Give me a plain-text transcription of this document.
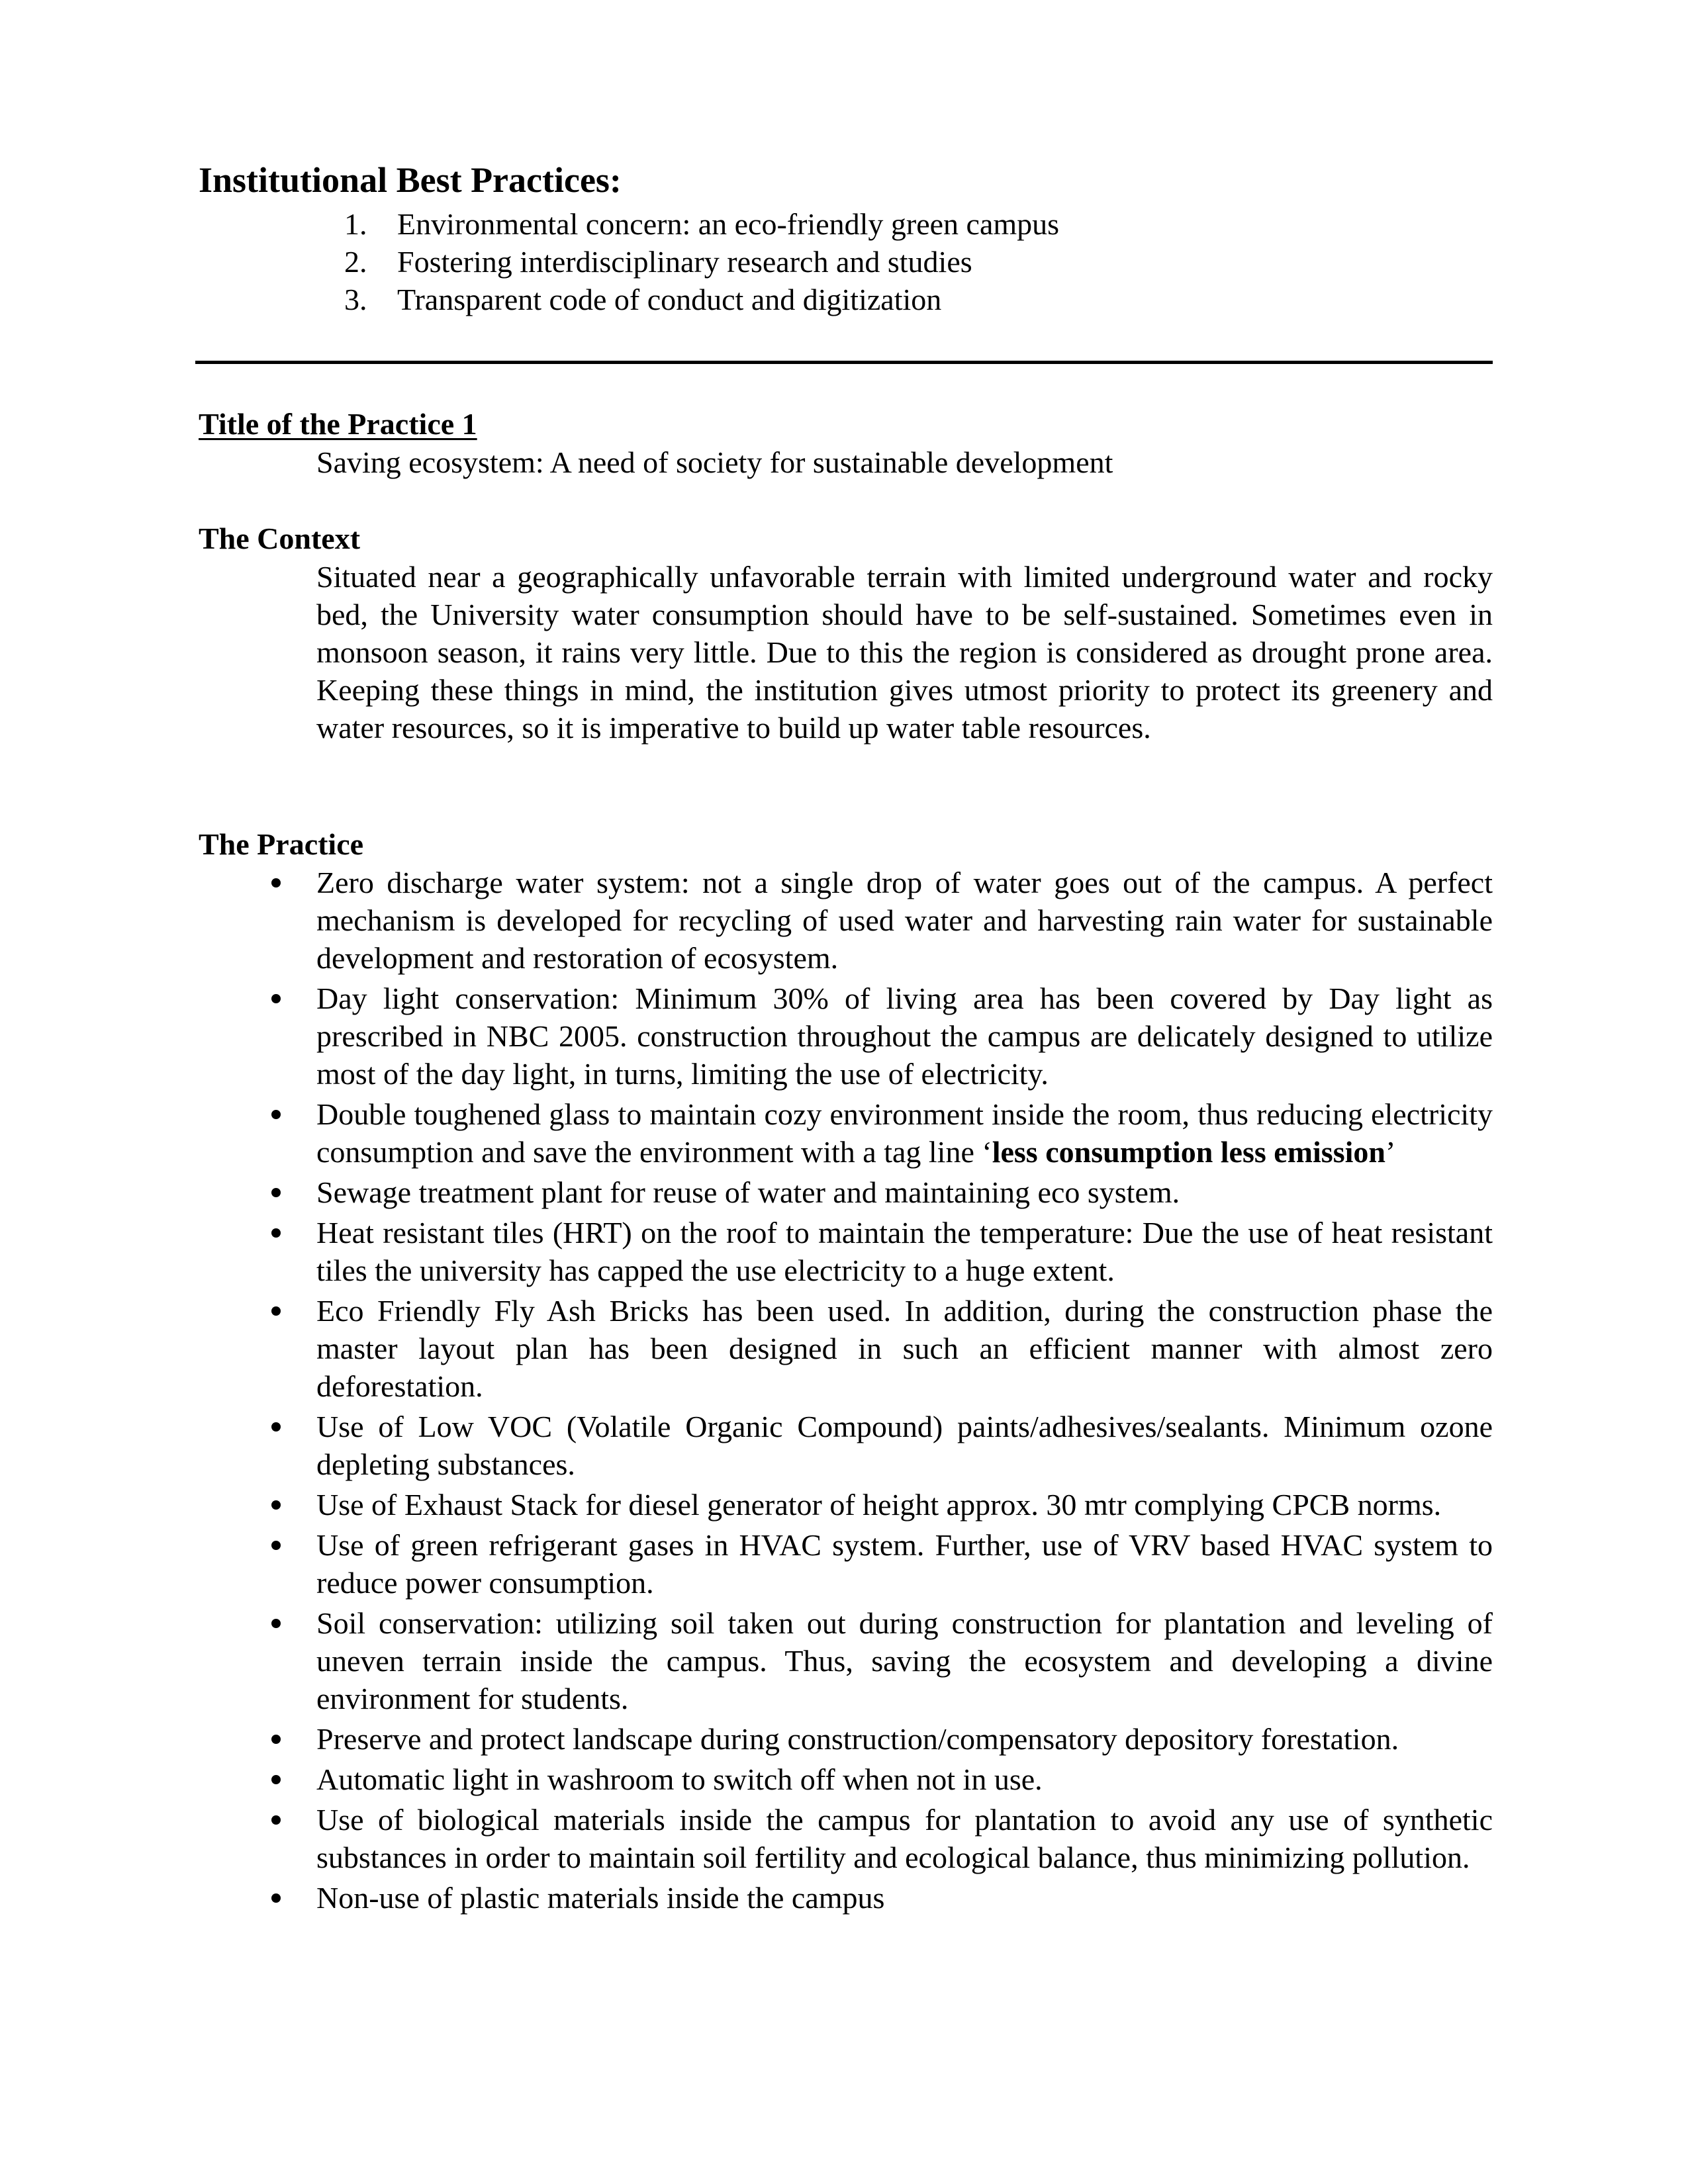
Institutional Best Practices:
1. Environmental concern: an eco-friendly green campus
2. Fostering interdisciplinary research and studies
3. Transparent code of conduct and digitization
Title of the Practice 1

Saving ecosystem: A need of society for sustainable development

The Context

Situated near a geographically unfavorable terrain with limited underground water and rocky bed, the University water consumption should have to be self-sustained. Sometimes even in monsoon season, it rains very little. Due to this the region is considered as drought prone area. Keeping these things in mind, the institution gives utmost priority to protect its greenery and water resources, so it is imperative to build up water table resources.

The Practice
Zero discharge water system: not a single drop of water goes out of the campus. A perfect mechanism is developed for recycling of used water and harvesting rain water for sustainable development and restoration of ecosystem.
Day light conservation: Minimum 30% of living area has been covered by Day light as prescribed in NBC 2005. construction throughout the campus are delicately designed to utilize most of the day light, in turns, limiting the use of electricity.
Double toughened glass to maintain cozy environment inside the room, thus reducing electricity consumption and save the environment with a tag line ‘less consumption less emission’
Sewage treatment plant for reuse of water and maintaining eco system.
Heat resistant tiles (HRT) on the roof to maintain the temperature: Due the use of heat resistant tiles the university has capped the use electricity to a huge extent.
Eco Friendly Fly Ash Bricks has been used. In addition, during the construction phase the master layout plan has been designed in such an efficient manner with almost zero deforestation.
Use of Low VOC (Volatile Organic Compound) paints/adhesives/sealants. Minimum ozone depleting substances.
Use of Exhaust Stack for diesel generator of height approx. 30 mtr complying CPCB norms.
Use of green refrigerant gases in HVAC system. Further, use of VRV based HVAC system to reduce power consumption.
Soil conservation: utilizing soil taken out during construction for plantation and leveling of uneven terrain inside the campus. Thus, saving the ecosystem and developing a divine environment for students.
Preserve and protect landscape during construction/compensatory depository forestation.
Automatic light in washroom to switch off when not in use.
Use of biological materials inside the campus for plantation to avoid any use of synthetic substances in order to maintain soil fertility and ecological balance, thus minimizing pollution.
Non-use of plastic materials inside the campus
